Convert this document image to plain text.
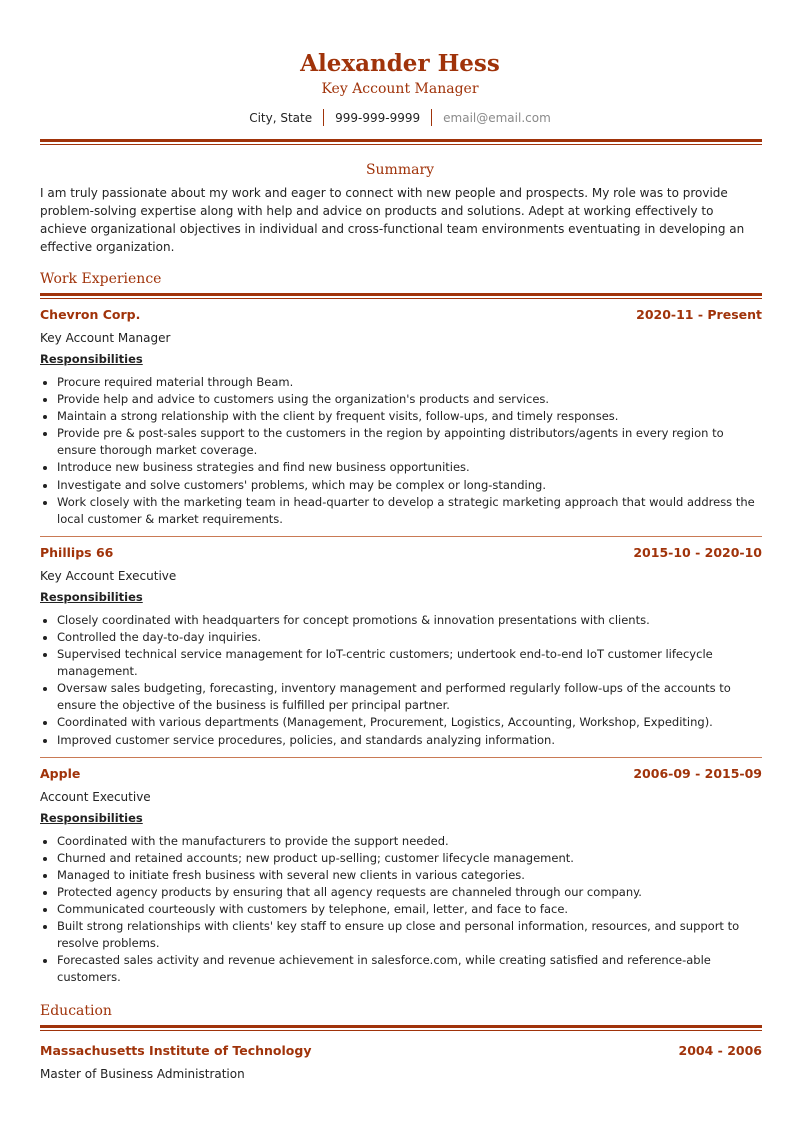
Alexander Hess
Key Account Manager
City, State 999-999-9999 email@email.com
Summary
I am truly passionate about my work and eager to connect with new people and prospects. My role was to provide problem-solving expertise along with help and advice on products and solutions. Adept at working effectively to achieve organizational objectives in individual and cross-functional team environments eventuating in developing an effective organization.
Work Experience
Chevron Corp.	2020-11 - Present
Key Account Manager
Responsibilities
• Procure required material through Beam.
• Provide help and advice to customers using the organization's products and services.
• Maintain a strong relationship with the client by frequent visits, follow-ups, and timely responses.
• Provide pre & post-sales support to the customers in the region by appointing distributors/agents in every region to ensure thorough market coverage.
• Introduce new business strategies and find new business opportunities.
• Investigate and solve customers' problems, which may be complex or long-standing.
• Work closely with the marketing team in head-quarter to develop a strategic marketing approach that would address the local customer & market requirements.
Phillips 66	2015-10 - 2020-10
Key Account Executive
Responsibilities
• Closely coordinated with headquarters for concept promotions & innovation presentations with clients.
• Controlled the day-to-day inquiries.
• Supervised technical service management for IoT-centric customers; undertook end-to-end IoT customer lifecycle management.
• Oversaw sales budgeting, forecasting, inventory management and performed regularly follow-ups of the accounts to ensure the objective of the business is fulfilled per principal partner.
• Coordinated with various departments (Management, Procurement, Logistics, Accounting, Workshop, Expediting).
• Improved customer service procedures, policies, and standards analyzing information.
Apple	2006-09 - 2015-09
Account Executive
Responsibilities
• Coordinated with the manufacturers to provide the support needed.
• Churned and retained accounts; new product up-selling; customer lifecycle management.
• Managed to initiate fresh business with several new clients in various categories.
• Protected agency products by ensuring that all agency requests are channeled through our company.
• Communicated courteously with customers by telephone, email, letter, and face to face.
• Built strong relationships with clients' key staff to ensure up close and personal information, resources, and support to resolve problems.
• Forecasted sales activity and revenue achievement in salesforce.com, while creating satisfied and reference-able customers.
Education
Massachusetts Institute of Technology	2004 - 2006
Master of Business Administration
